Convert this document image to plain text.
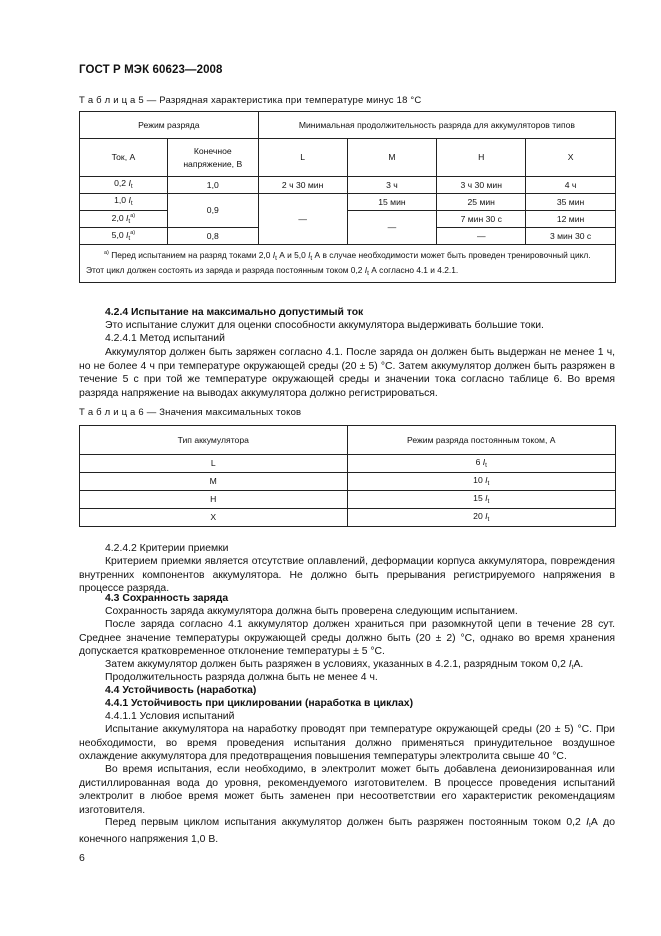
ГОСТ Р МЭК 60623—2008
Т а б л и ц а 5 — Разрядная характеристика при температуре минус 18 °С
Режим разряда		Минимальная продолжительность разряда для аккумуляторов типов			
Ток, А	Конечное напряжение, В	L	M	H	X
0,2 $I_t$	1,0	2 ч 30 мин	3 ч	3 ч 30 мин	4 ч
1,0 $I_t$	0,9	—	15 мин	25 мин	35 мин
2,0 $I_t^{a)}$			—	7 мин 30 с	12 мин
5,0 $I_t^{a)}$	0,8			—	3 мин 30 с
$^{a)}$ Перед испытанием на разряд токами 2,0 $I_t$ А и 5,0 $I_t$ А в случае необходимости может быть проведен тренировочный цикл. Этот цикл должен состоять из заряда и разряда постоянным током 0,2 $I_t$ А согласно 4.1 и 4.2.1.					
4.2.4 Испытание на максимально допустимый ток
Это испытание служит для оценки способности аккумулятора выдерживать большие токи.
4.2.4.1 Метод испытаний
Аккумулятор должен быть заряжен согласно 4.1. После заряда он должен быть выдержан не менее 1 ч, но не более 4 ч при температуре окружающей среды (20 ± 5) °С. Затем аккумулятор должен быть разряжен в течение 5 с при той же температуре окружающей среды и значении тока согласно таблице 6. Во время разряда напряжение на выводах аккумулятора должно регистрироваться.
Т а б л и ц а 6 — Значения максимальных токов
Тип аккумулятора	Режим разряда постоянным током, А
L	6 $I_t$
M	10 $I_t$
H	15 $I_t$
X	20 $I_t$
4.2.4.2 Критерии приемки
Критерием приемки является отсутствие оплавлений, деформации корпуса аккумулятора, повреждения внутренних компонентов аккумулятора. Не должно быть прерывания регистрируемого напряжения в процессе разряда.
4.3 Сохранность заряда
Сохранность заряда аккумулятора должна быть проверена следующим испытанием.
После заряда согласно 4.1 аккумулятор должен храниться при разомкнутой цепи в течение 28 сут. Среднее значение температуры окружающей среды должно быть (20 ± 2) °С, однако во время хранения допускается кратковременное отклонение температуры ± 5 °С.
Затем аккумулятор должен быть разряжен в условиях, указанных в 4.2.1, разрядным током 0,2 $I_tА$.
Продолжительность разряда должна быть не менее 4 ч.
4.4 Устойчивость (наработка)
4.4.1 Устойчивость при циклировании (наработка в циклах)
4.4.1.1 Условия испытаний
Испытание аккумулятора на наработку проводят при температуре окружающей среды (20 ± 5) °С. При необходимости, во время проведения испытания должно применяться принудительное воздушное охлаждение аккумулятора для предотвращения повышения температуры электролита свыше 40 °С.
Во время испытания, если необходимо, в электролит может быть добавлена деионизированная или дистиллированная вода до уровня, рекомендуемого изготовителем. В процессе проведения испытаний электролит в любое время может быть заменен при несоответствии его характеристик рекомендациям изготовителя.
Перед первым циклом испытания аккумулятор должен быть разряжен постоянным током 0,2 $I_tА$ до конечного напряжения 1,0 В.
6
